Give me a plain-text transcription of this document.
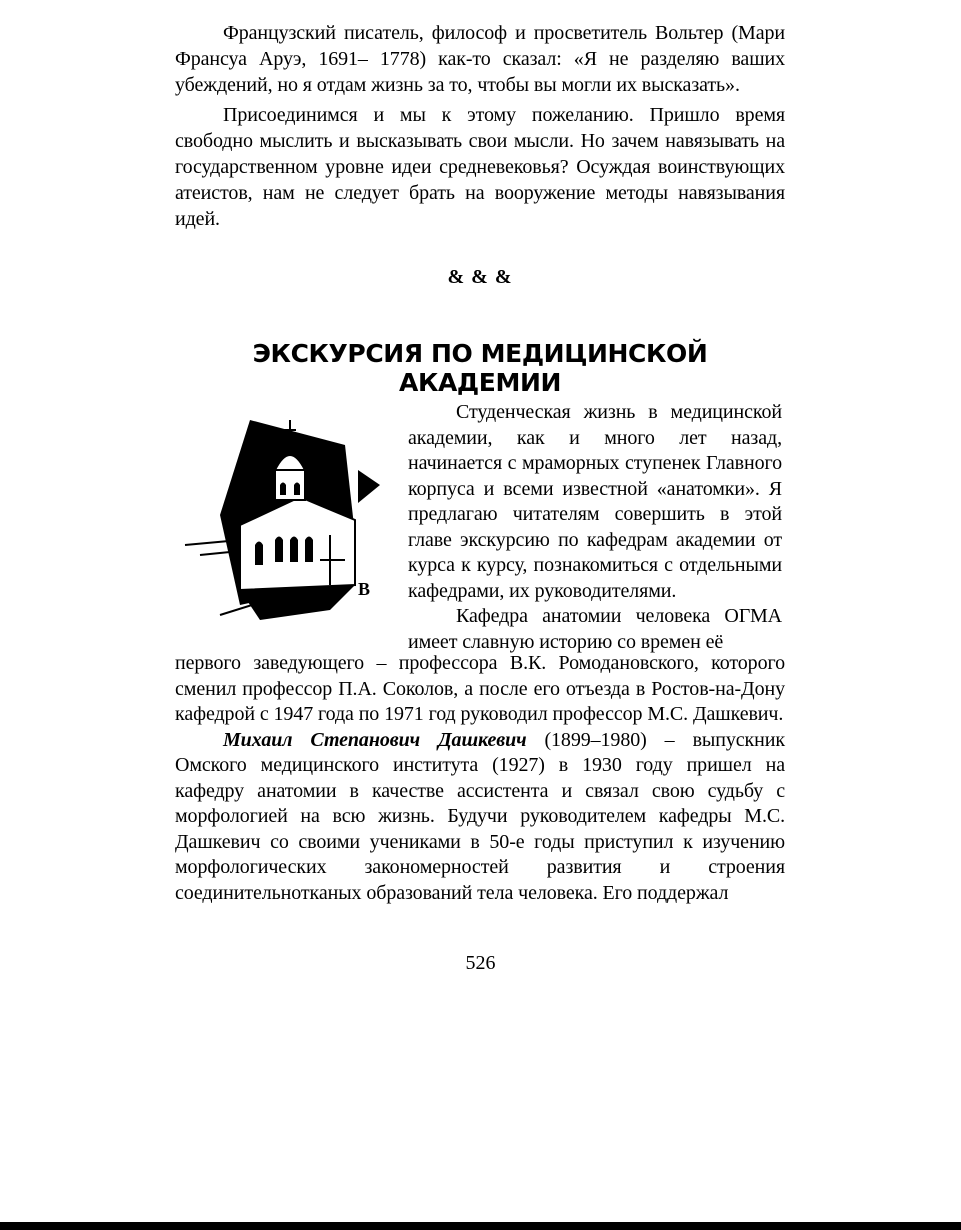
Французский писатель, философ и просветитель Вольтер (Мари Франсуа Аруэ, 1691– 1778) как-то сказал: «Я не разделяю ваших убеждений, но я отдам жизнь за то, чтобы вы могли их высказать».

Присоединимся и мы к этому пожеланию. Пришло время свободно мыслить и высказывать свои мысли. Но зачем навязывать на государственном уровне идеи средневековья? Осуждая воинствующих атеистов, нам не следует брать на вооружение методы навязывания идей.

& & &
ЭКСКУРСИЯ ПО МЕДИЦИНСКОЙ АКАДЕМИИ
В

Студенческая жизнь в медицинской академии, как и много лет назад, начинается с мраморных ступенек Главного корпуса и всеми известной «анатомки». Я предлагаю читателям совершить в этой главе экскурсию по кафедрам академии от курса к курсу, познакомиться с отдельными кафедрами, их руководителями.

Кафедра анатомии человека ОГМА имеет славную историю со времен её

первого заведующего – профессора В.К. Ромодановского, которого сменил профессор П.А. Соколов, а после его отъезда в Ростов-на-Дону кафедрой с 1947 года по 1971 год руководил профессор М.С. Дашкевич.

Михаил Степанович Дашкевич (1899–1980) – выпускник Омского медицинского института (1927) в 1930 году пришел на кафедру анатомии в качестве ассистента и связал свою судьбу с морфологией на всю жизнь. Будучи руководителем кафедры М.С. Дашкевич со своими учениками в 50-е годы приступил к изучению морфологических закономерностей развития и строения соединительнотканых образований тела человека. Его поддержал

526
